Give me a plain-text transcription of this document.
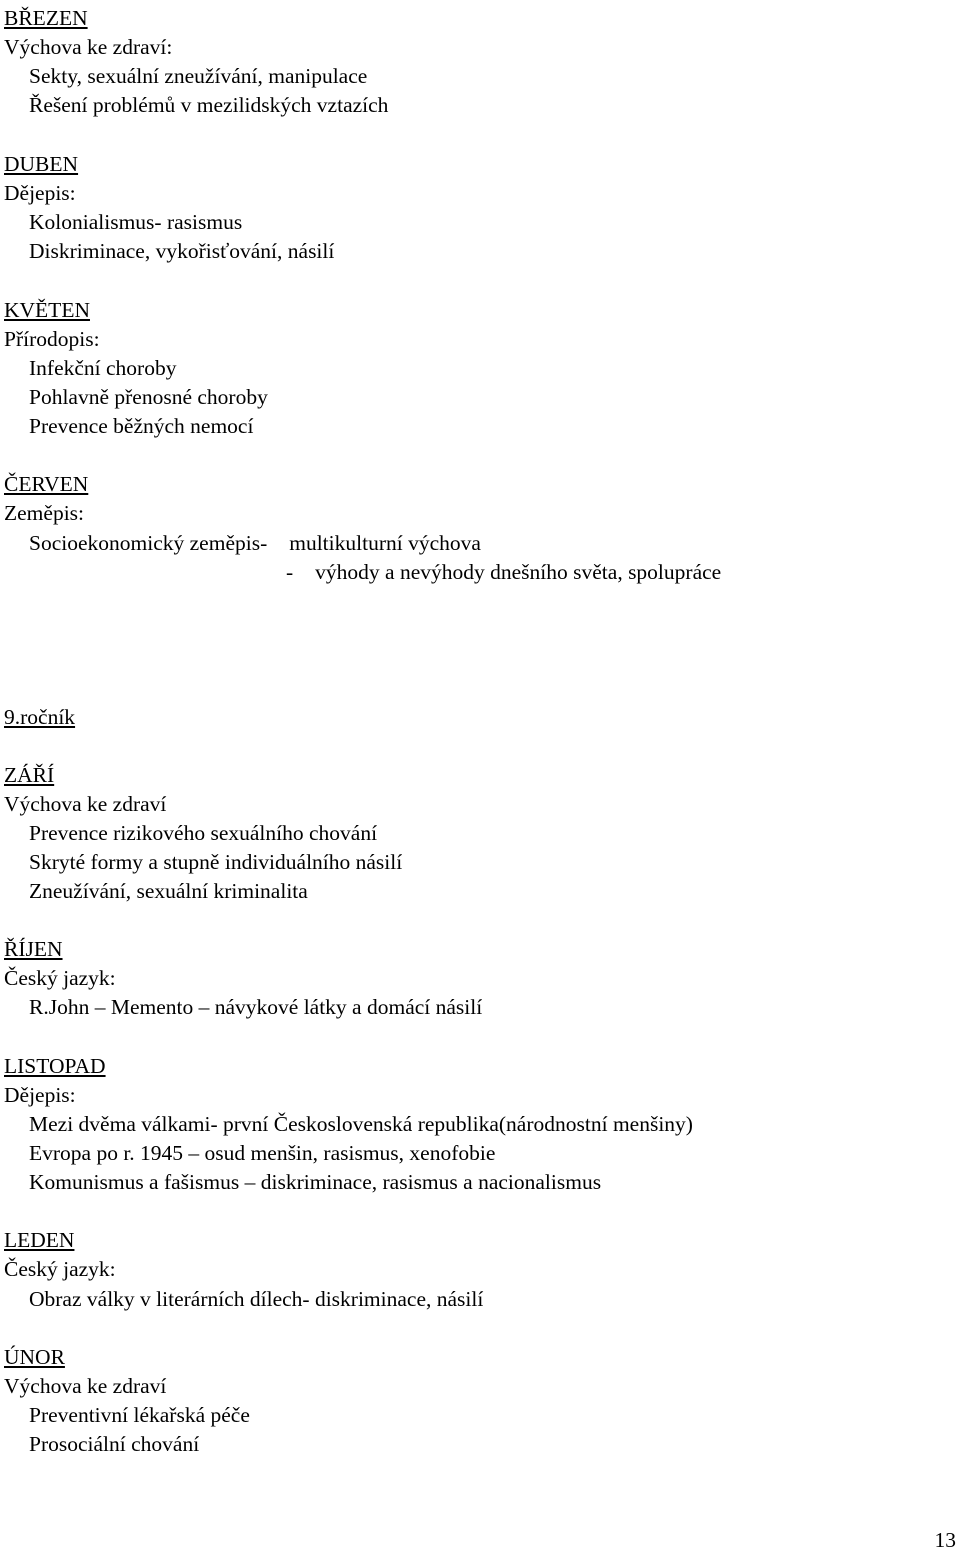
BŘEZEN
Výchova ke zdraví:
Sekty, sexuální zneužívání, manipulace
Řešení problémů v mezilidských vztazích
DUBEN
Dějepis:
Kolonialismus- rasismus
Diskriminace, vykořisťování, násilí
KVĚTEN
Přírodopis:
Infekční choroby
Pohlavně přenosné choroby
Prevence běžných nemocí
ČERVEN
Zeměpis:
Socioekonomický zeměpis- multikulturní výchova
- výhody a nevýhody dnešního světa, spolupráce
9.ročník
ZÁŘÍ
Výchova ke zdraví
Prevence rizikového sexuálního chování
Skryté formy a stupně individuálního násilí
Zneužívání, sexuální kriminalita
ŘÍJEN
Český jazyk:
R.John – Memento – návykové látky a domácí násilí
LISTOPAD
Dějepis:
Mezi dvěma válkami- první Československá republika(národnostní menšiny)
Evropa po r. 1945 – osud menšin, rasismus, xenofobie
Komunismus a fašismus – diskriminace, rasismus a nacionalismus
LEDEN
Český jazyk:
Obraz války v literárních dílech- diskriminace, násilí
ÚNOR
Výchova ke zdraví
Preventivní lékařská péče
Prosociální chování
13
